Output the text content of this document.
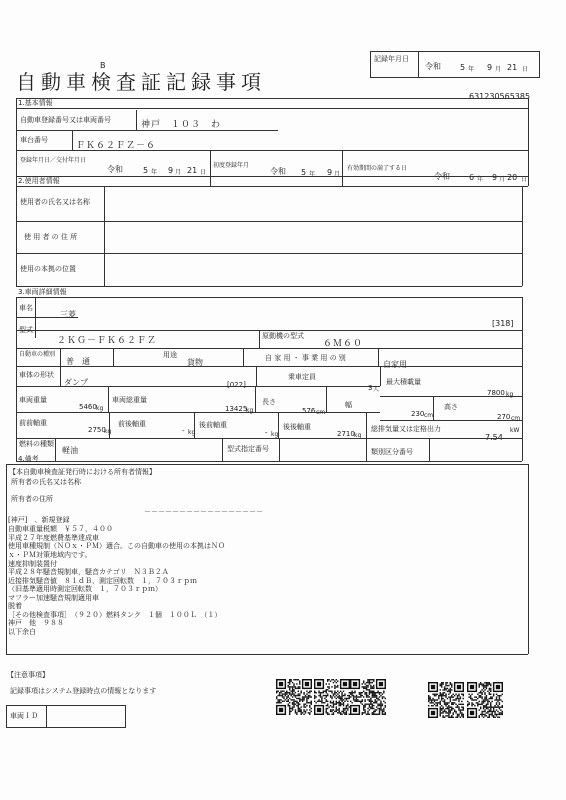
B
自動車検査証記録事項
記録年月日
令和 5 年 9 月 21 日
631230565385
1.基本情報
自動車登録番号又は車両番号	神戸　１０３　わ
車台番号
ＦＫ６２ＦＺ－６
登録年月日／交付年月日
令和	5 年 9 月 21 日
初度登録年月
令和 5 年 9 月
有効期間の満了する日
令和 6 年 9 月 20 日
2.使用者情報
使用者の氏名又は名称
使 用 者 の 住 所
使用の本拠の位置
3.車両詳細情報
車名
三菱
[318]
型式
２ＫＧ－ＦＫ６２ＦＺ	原動機の型式
６Ｍ６０
自動車の種別
普　通
用途
貨物	自 家 用 ・ 事 業 用 の 別
自家用
車体の形状
ダンプ	[022]
乗車定員
3 人
最大積載量
7800 kg
車両重量
5460 kg
車両総重量
13425
kg
長さ
576 cm
幅
230 cm
高さ
270 cm
前前軸重
2750
kg
前後軸重
- kg
後前軸重
- kg
後後軸重
2710 kg
総排気量又は定格出力
7.54
kW
燃料の種類
軽油	型式指定番号	類別区分番号
4.備考
【本自動車検査証発行時における所有者情報】
所有者の氏名又は名称
所有者の住所
－－－－－－－－－－－－－－－－－
[神戸]　、新規登録
自動車重量税額　￥５７，４００
平成２７年度燃費基準達成車
使用車種規制（ＮＯｘ・ＰＭ）適合。この自動車の使用の本拠はＮＯ
ｘ・ＰＭ対策地域内です。
速度抑制装置付
平成２８年騒音規制車，騒音カテゴリ　Ｎ３Ｂ２Ａ
近接排気騒音値　８１ｄＢ，測定回転数　１，７０３ｒｐｍ
（旧基準適用時測定回転数　１，７０３ｒｐｍ）
マフラー加速騒音規制適用車
脱着
［その他検査事項］　（９２０）燃料タンク　１個　１００Ｌ　（１）
神戸　他　９８８
以下余白
【注意事項】
記録事項はシステム登録時点の情報となります
車両ＩＤ
